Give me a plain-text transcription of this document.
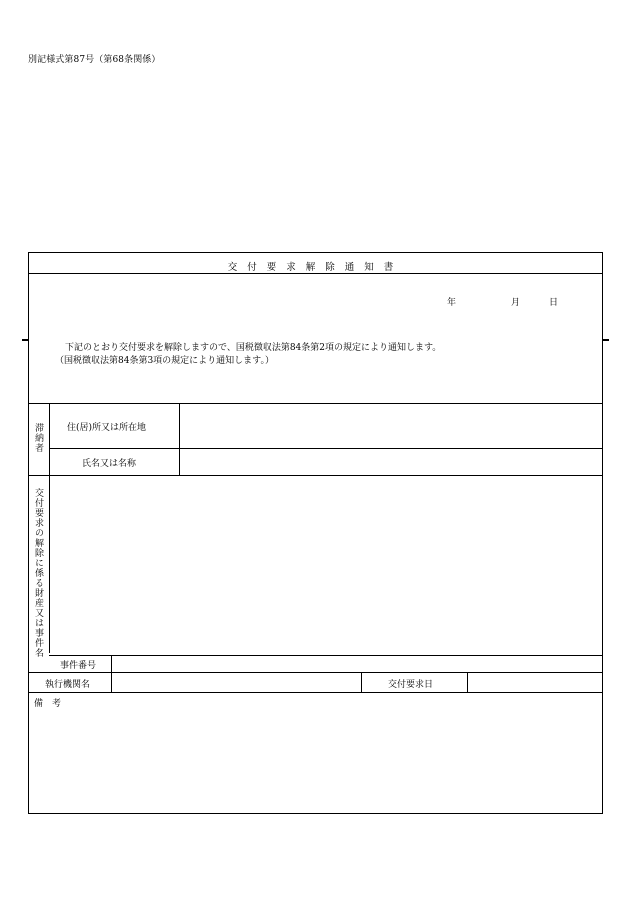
別記様式第87号（第68条関係）
交付要求解除通知書
年	月	日
下記のとおり交付要求を解除しますので、国税徴収法第84条第2項の規定により通知します。
（国税徴収法第84条第3項の規定により通知します。）
滞納者	住(居)所又は所在地
氏名又は名称
交付要求の解除に係る財産又は事件名
事件番号
執行機関名	交付要求日
備　考
